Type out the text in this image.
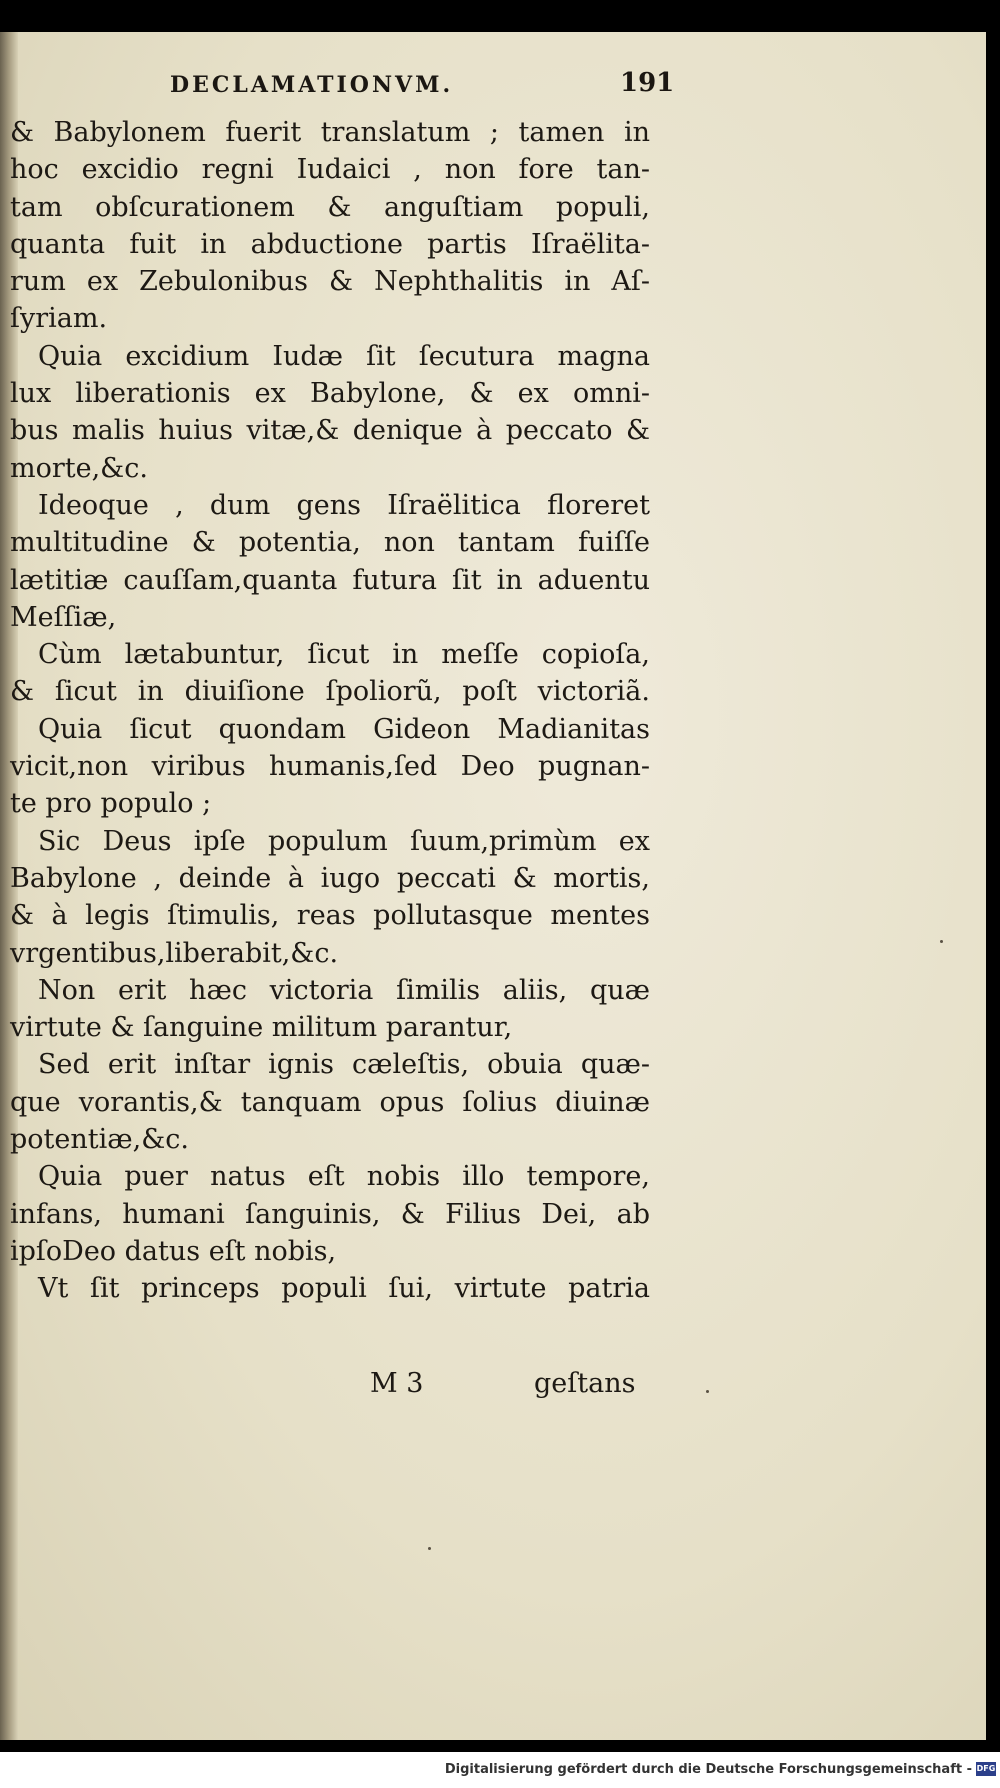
DECLAMATIONVM.	191
& Babylonem fuerit translatum ; tamen in
hoc excidio regni Iudaici , non fore tan-
tam obſcurationem & anguſtiam populi,
quanta fuit in abductione partis Iſraëlita-
rum ex Zebulonibus & Nephthalitis in Aſ-
ſyriam.
Quia excidium Iudæ ſit ſecutura magna
lux liberationis ex Babylone, & ex omni-
bus malis huius vitæ,& denique à peccato &
morte,&c.
Ideoque , dum gens Iſraëlitica floreret
multitudine & potentia, non tantam fuiſſe
lætitiæ cauſſam,quanta futura ſit in aduentu
Meſſiæ,
Cùm lætabuntur, ſicut in meſſe copioſa,
& ſicut in diuiſione ſpoliorũ, poſt victoriã.
Quia ſicut quondam Gideon Madianitas
vicit,non viribus humanis,ſed Deo pugnan-
te pro populo ;
Sic Deus ipſe populum ſuum,primùm ex
Babylone , deinde à iugo peccati & mortis,
& à legis ſtimulis, reas pollutasque mentes
vrgentibus,liberabit,&c.
Non erit hæc victoria ſimilis aliis, quæ
virtute & ſanguine militum parantur,
Sed erit inſtar ignis cæleſtis, obuia quæ-
que vorantis,& tanquam opus ſolius diuinæ
potentiæ,&c.
Quia puer natus eſt nobis illo tempore,
infans, humani ſanguinis, & Filius Dei, ab
ipſoDeo datus eſt nobis,
Vt ſit princeps populi ſui, virtute patria
M 3	geſtans
Digitalisierung gefördert durch die Deutsche Forschungsgemeinschaft - DFG
